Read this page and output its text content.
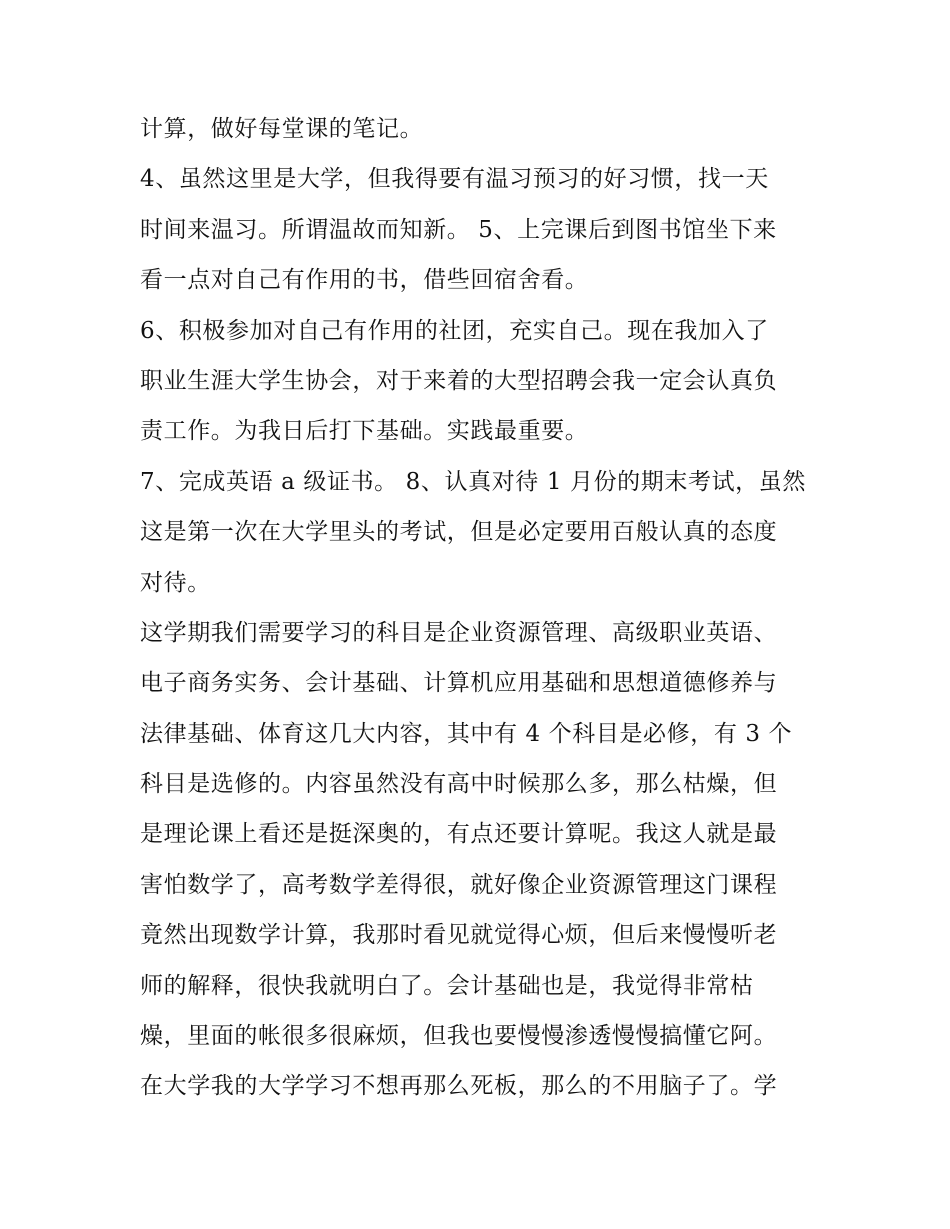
计算，做好每堂课的笔记。
4、虽然这里是大学，但我得要有温习预习的好习惯，找一天
时间来温习。所谓温故而知新。 5、上完课后到图书馆坐下来
看一点对自己有作用的书，借些回宿舍看。
6、积极参加对自己有作用的社团，充实自己。现在我加入了
职业生涯大学生协会，对于来着的大型招聘会我一定会认真负
责工作。为我日后打下基础。实践最重要。
7、完成英语 a 级证书。 8、认真对待 1 月份的期末考试，虽然
这是第一次在大学里头的考试，但是必定要用百般认真的态度
对待。
这学期我们需要学习的科目是企业资源管理、高级职业英语、
电子商务实务、会计基础、计算机应用基础和思想道德修养与
法律基础、体育这几大内容，其中有 4 个科目是必修，有 3 个
科目是选修的。内容虽然没有高中时候那么多，那么枯燥，但
是理论课上看还是挺深奥的，有点还要计算呢。我这人就是最
害怕数学了，高考数学差得很，就好像企业资源管理这门课程
竟然出现数学计算，我那时看见就觉得心烦，但后来慢慢听老
师的解释，很快我就明白了。会计基础也是，我觉得非常枯
燥，里面的帐很多很麻烦，但我也要慢慢渗透慢慢搞懂它阿。
在大学我的大学学习不想再那么死板，那么的不用脑子了。学
